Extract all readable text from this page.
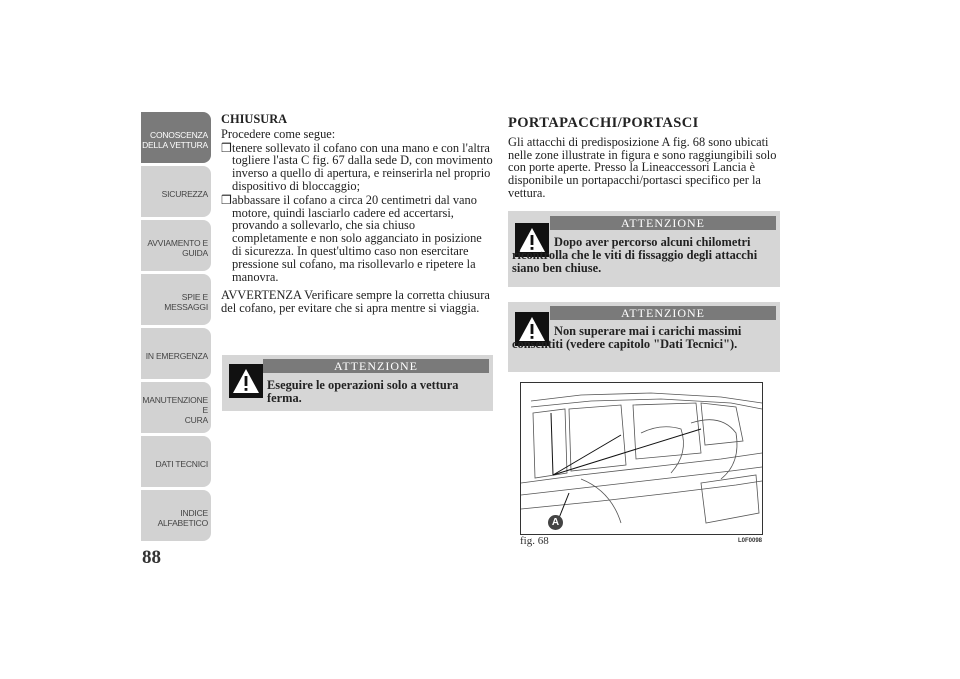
CONOSCENZA
DELLA VETTURA
SICUREZZA
AVVIAMENTO E
GUIDA
SPIE E MESSAGGI
IN EMERGENZA
MANUTENZIONE E
CURA
DATI TECNICI
INDICE
ALFABETICO
88

CHIUSURA

Procedere come segue:

❒ tenere sollevato il cofano con una mano e con l'altra togliere l'asta C fig. 67 dalla sede D, con movimento inverso a quello di apertura, e reinserirla nel proprio dispositivo di bloccaggio;
❒ abbassare il cofano a circa 20 centimetri dal vano motore, quindi lasciarlo cadere ed accertarsi, provando a sollevarlo, che sia chiuso completamente e non solo agganciato in posizione di sicurezza. In quest'ultimo caso non esercitare pressione sul cofano, ma risollevarlo e ripetere la manovra.

AVVERTENZA Verificare sempre la corretta chiusura del cofano, per evitare che si apra mentre si viaggia.

ATTENZIONE
Eseguire le operazioni solo a vettura ferma.
PORTAPACCHI/PORTASCI

Gli attacchi di predisposizione A fig. 68 sono ubicati nelle zone illustrate in figura e sono raggiungibili solo con porte aperte. Presso la Lineaccessori Lancia è disponibile un portapacchi/portasci specifico per la vettura.

ATTENZIONE
Dopo aver percorso alcuni chilometri ricontrolla che le viti di fissaggio degli attacchi siano ben chiuse.
ATTENZIONE
Non superare mai i carichi massimi consentiti (vedere capitolo "Dati Tecnici").
A
fig. 68	L0F0098
